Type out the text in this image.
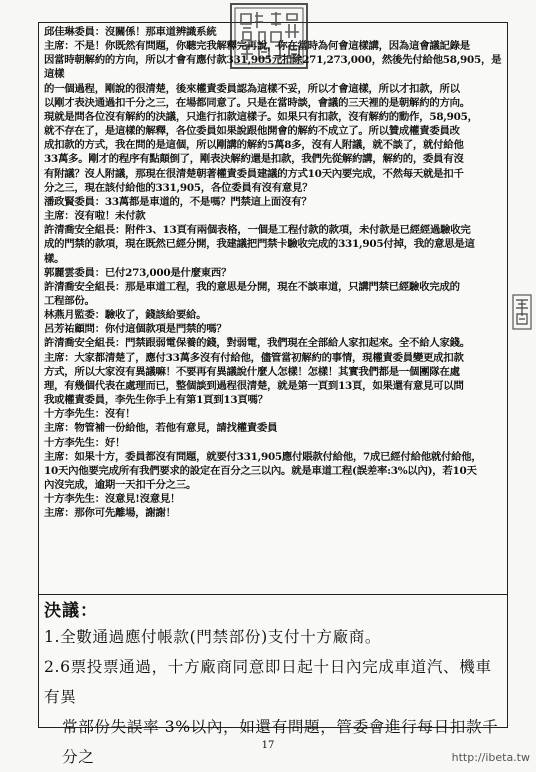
邱佳琳委員：沒關係！那車道辨識系統

主席：不是！你既然有問題，你聽完我解釋完再說，你在當時為何會這樣講，因為這會議記錄是

因當時朝解約的方向，所以才會有應付款331,905元扣除271,273,000，然後先付給他58,905，是這樣

的一個過程，剛說的很清楚，後來權責委員認為這樣不妥，所以才會這樣，所以才扣款，所以

以剛才表決通過扣千分之三，在場都同意了。只是在當時談，會議的三天裡的是朝解約的方向。

現就是問各位沒有解約的決議，只進行扣款這樣子。如果只有扣款，沒有解約的動作，58,905，

就不存在了，是這樣的解釋，各位委員如果說跟他開會的解約不成立了。所以贊成權責委員改

成扣款的方式，我在問的是這個，所以剛講的解約5萬8多，沒有人附議，就不談了，就付給他

33萬多。剛才的程序有點顛倒了，剛表決解約還是扣款，我們先從解約講，解約的，委員有沒

有附議？沒人附議，那現在很清楚朝著權責委員建議的方式10天內要完成，不然每天就是扣千

分之三，現在該付給他的331,905，各位委員有沒有意見？

潘政賢委員：33萬都是車道的，不是嗎？門禁這上面沒有？

主席：沒有啦！未付款

許清喬安全組長：附件3、13頁有兩個表格，一個是工程付款的款項，未付款是已經經過驗收完

成的門禁的款項，現在既然已經分開，我建議把門禁卡驗收完成的331,905付掉，我的意思是這

樣。

郭麗雲委員：已付273,000是什麼東西？

許清喬安全組長：那是車道工程，我的意思是分開，現在不談車道，只講門禁已經驗收完成的

工程部份。

林燕月監委：驗收了，錢該給要給。

呂芳祐顧問：你付這個款項是門禁的嗎？

許清喬安全組長：門禁跟弱電保養的錢，對弱電，我們現在全部給人家扣起來。全不給人家錢。

主席：大家都清楚了，應付33萬多沒有付給他，儘管當初解約的事情，現權責委員變更成扣款

方式，所以大家沒有異議嘛！不要再有異議說什麼人怎樣！怎樣！其實我們都是一個團隊在處

理，有幾個代表在處理而已，整個談到過程很清楚，就是第一頁到13頁，如果還有意見可以問

我或權責委員，李先生你手上有第1頁到13頁嗎？

十方李先生：沒有！

主席：物管補一份給他，若他有意見，請找權責委員

十方李先生：好！

主席：如果十方，委員都沒有問題，就要付331,905應付賬款付給他，7成已經付給他就付給他，

10天內他要完成所有我們要求的設定在百分之三以內。就是車道工程(誤差率:3%以內)，若10天

內沒完成，逾期一天扣千分之三。

十方李先生：沒意見!沒意見！

主席：那你可先離場，謝謝！

決議：

1.全數通過應付帳款(門禁部份)支付十方廠商。

2.6票投票通過，十方廠商同意即日起十日內完成車道汽、機車有異

常部份失誤率 3%以內，如還有問題，管委會進行每日扣款千分之

17
http://ibeta.tw
